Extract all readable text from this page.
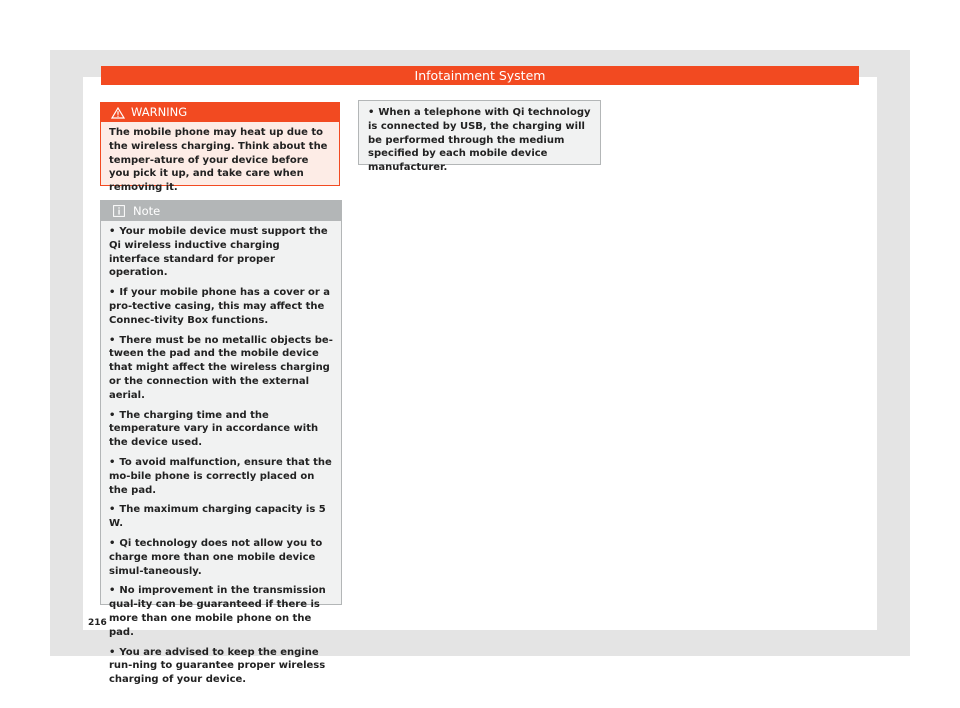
Infotainment System
WARNING
The mobile phone may heat up due to the wireless charging. Think about the temper-ature of your device before you pick it up, and take care when removing it.
Note
• Your mobile device must support the Qi wireless inductive charging interface standard for proper operation.
• If your mobile phone has a cover or a pro-tective casing, this may affect the Connec-tivity Box functions.
• There must be no metallic objects be-tween the pad and the mobile device that might affect the wireless charging or the connection with the external aerial.
• The charging time and the temperature vary in accordance with the device used.
• To avoid malfunction, ensure that the mo-bile phone is correctly placed on the pad.
• The maximum charging capacity is 5 W.
• Qi technology does not allow you to charge more than one mobile device simul-taneously.
• No improvement in the transmission qual-ity can be guaranteed if there is more than one mobile phone on the pad.
• You are advised to keep the engine run-ning to guarantee proper wireless charging of your device.
• When a telephone with Qi technology is connected by USB, the charging will be performed through the medium specified by each mobile device manufacturer.
216
